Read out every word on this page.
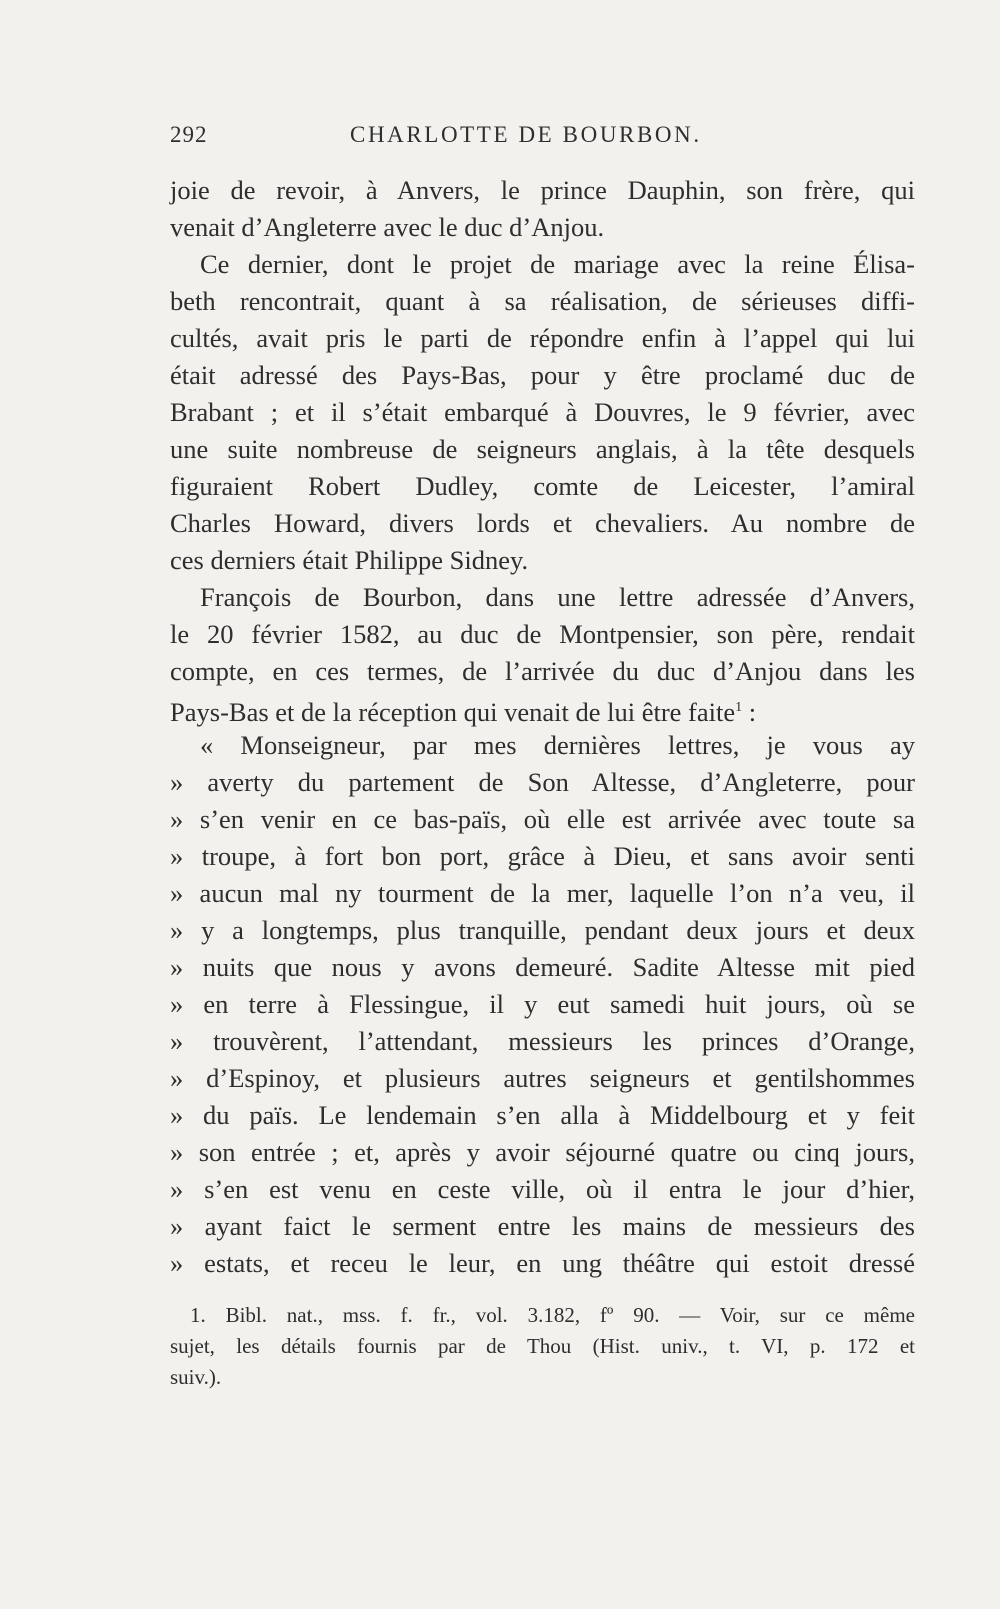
292	CHARLOTTE DE BOURBON.
joie de revoir, à Anvers, le prince Dauphin, son frère, qui
venait d’Angleterre avec le duc d’Anjou.
Ce dernier, dont le projet de mariage avec la reine Élisa-
beth rencontrait, quant à sa réalisation, de sérieuses diffi-
cultés, avait pris le parti de répondre enfin à l’appel qui lui
était adressé des Pays-Bas, pour y être proclamé duc de
Brabant ; et il s’était embarqué à Douvres, le 9 février, avec
une suite nombreuse de seigneurs anglais, à la tête desquels
figuraient Robert Dudley, comte de Leicester, l’amiral
Charles Howard, divers lords et chevaliers. Au nombre de
ces derniers était Philippe Sidney.
François de Bourbon, dans une lettre adressée d’Anvers,
le 20 février 1582, au duc de Montpensier, son père, rendait
compte, en ces termes, de l’arrivée du duc d’Anjou dans les
Pays-Bas et de la réception qui venait de lui être faite$^1$ :
« Monseigneur, par mes dernières lettres, je vous ay
» averty du partement de Son Altesse, d’Angleterre, pour
» s’en venir en ce bas-païs, où elle est arrivée avec toute sa
» troupe, à fort bon port, grâce à Dieu, et sans avoir senti
» aucun mal ny tourment de la mer, laquelle l’on n’a veu, il
» y a longtemps, plus tranquille, pendant deux jours et deux
» nuits que nous y avons demeuré. Sadite Altesse mit pied
» en terre à Flessingue, il y eut samedi huit jours, où se
» trouvèrent, l’attendant, messieurs les princes d’Orange,
» d’Espinoy, et plusieurs autres seigneurs et gentilshommes
» du païs. Le lendemain s’en alla à Middelbourg et y feit
» son entrée ; et, après y avoir séjourné quatre ou cinq jours,
» s’en est venu en ceste ville, où il entra le jour d’hier,
» ayant faict le serment entre les mains de messieurs des
» estats, et receu le leur, en ung théâtre qui estoit dressé
1. Bibl. nat., mss. f. fr., vol. 3.182, fº 90. — Voir, sur ce même
sujet, les détails fournis par de Thou (Hist. univ., t. VI, p. 172 et
suiv.).
